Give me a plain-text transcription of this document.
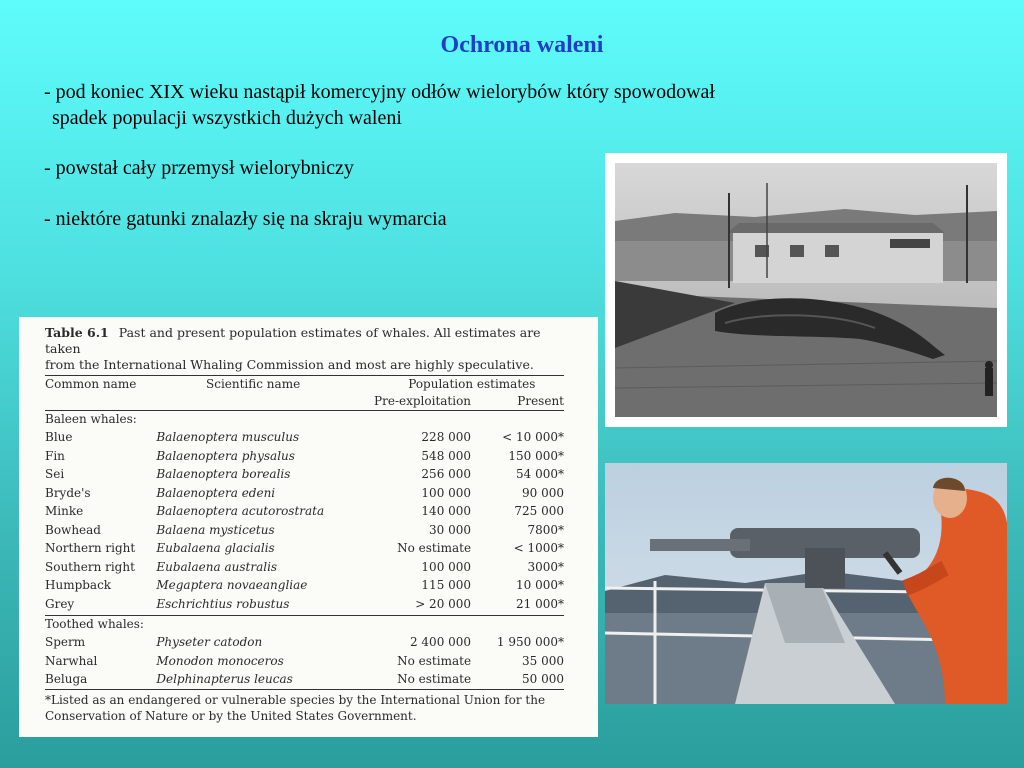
Ochrona waleni
- pod koniec XIX wieku nastąpił komercyjny odłów wielorybów który spowodował
spadek populacji wszystkich dużych waleni
- powstał cały przemysł wielorybniczy
- niektóre gatunki znalazły się na skraju wymarcia
Table 6.1 Past and present population estimates of whales. All estimates are taken
from the International Whaling Commission and most are highly speculative.
Common name	Scientific name	Population estimates
Pre-exploitation	Present
Baleen whales:
Blue	Balaenoptera musculus	228 000	< 10 000*
Fin	Balaenoptera physalus	548 000	150 000*
Sei	Balaenoptera borealis	256 000	54 000*
Bryde's	Balaenoptera edeni	100 000	90 000
Minke	Balaenoptera acutorostrata	140 000	725 000
Bowhead	Balaena mysticetus	30 000	7800*
Northern right	Eubalaena glacialis	No estimate	< 1000*
Southern right	Eubalaena australis	100 000	3000*
Humpback	Megaptera novaeangliae	115 000	10 000*
Grey	Eschrichtius robustus	> 20 000	21 000*
Toothed whales:
Sperm	Physeter catodon	2 400 000	1 950 000*
Narwhal	Monodon monoceros	No estimate	35 000
Beluga	Delphinapterus leucas	No estimate	50 000
*Listed as an endangered or vulnerable species by the International Union for the
Conservation of Nature or by the United States Government.
